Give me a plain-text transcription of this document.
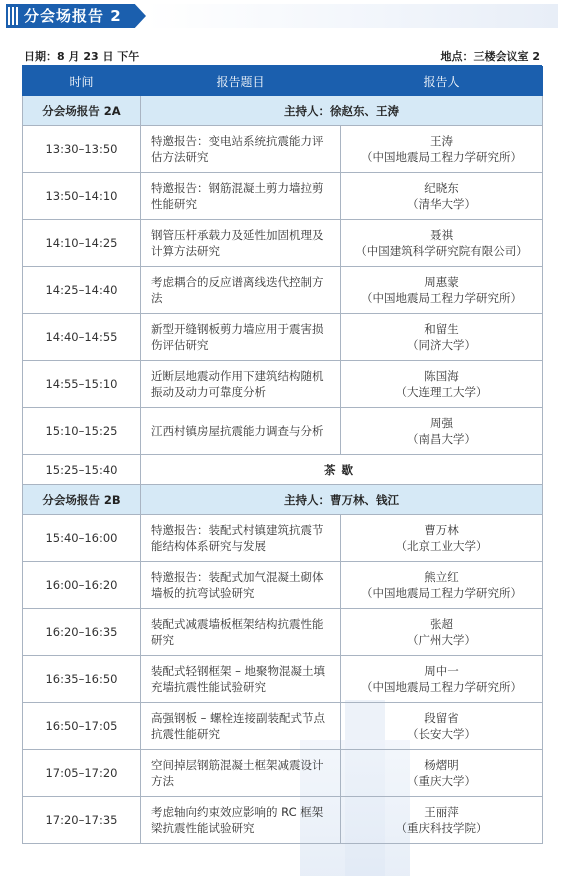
分会场报告 2
日期：8 月 23 日 下午	地点：三楼会议室 2
时间	报告题目	报告人
分会场报告 2A	主持人：徐赵东、王涛	
13:30–13:50	特邀报告：变电站系统抗震能力评估方法研究	王涛
（中国地震局工程力学研究所）

13:50–14:10	特邀报告：钢筋混凝土剪力墙拉剪性能研究	纪晓东
（清华大学）

14:10–14:25	钢管压杆承载力及延性加固机理及计算方法研究	聂祺
（中国建筑科学研究院有限公司）

14:25–14:40	考虑耦合的反应谱离线迭代控制方法	周惠蒙
（中国地震局工程力学研究所）

14:40–14:55	新型开缝钢板剪力墙应用于震害损伤评估研究	和留生
（同济大学）

14:55–15:10	近断层地震动作用下建筑结构随机振动及动力可靠度分析	陈国海
（大连理工大学）

15:10–15:25	江西村镇房屋抗震能力调查与分析	周强
（南昌大学）

15:25–15:40	茶歇	
分会场报告 2B	主持人：曹万林、钱江	
15:40–16:00	特邀报告：装配式村镇建筑抗震节能结构体系研究与发展	曹万林
（北京工业大学）

16:00–16:20	特邀报告：装配式加气混凝土砌体墙板的抗弯试验研究	熊立红
（中国地震局工程力学研究所）

16:20–16:35	装配式减震墙板框架结构抗震性能研究	张超
（广州大学）

16:35–16:50	装配式轻钢框架 – 地聚物混凝土填充墙抗震性能试验研究	周中一
（中国地震局工程力学研究所）

16:50–17:05	高强钢板 – 螺栓连接副装配式节点抗震性能研究	段留省
（长安大学）

17:05–17:20	空间掉层钢筋混凝土框架减震设计方法	杨熠明
（重庆大学）

17:20–17:35	考虑轴向约束效应影响的 RC 框架梁抗震性能试验研究	王丽萍
（重庆科技学院）
